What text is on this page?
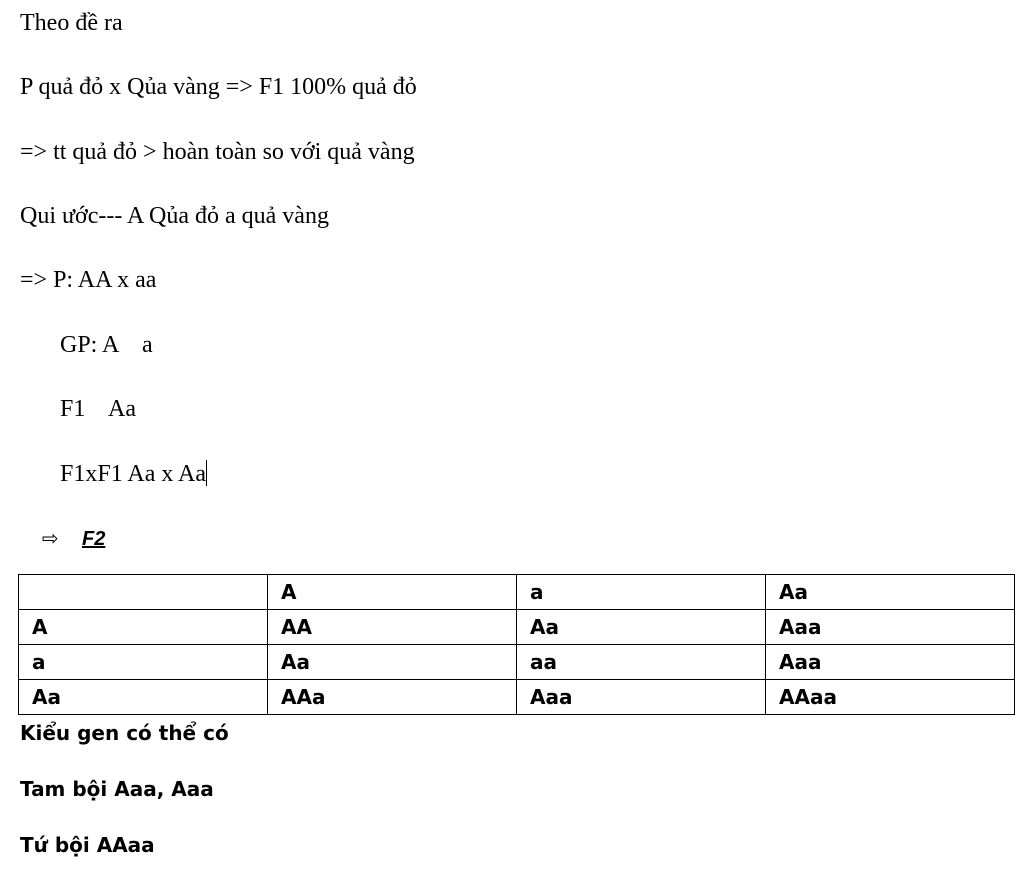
Theo đề ra
P quả đỏ x Qủa vàng => F1 100% quả đỏ
=> tt quả đỏ > hoàn toàn so với quả vàng
Qui ước--- A Qủa đỏ a quả vàng
=> P: AA x aa
GP: A    a
F1    Aa
F1xF1 Aa x Aa
⇨ F2
	A	a	Aa
A	AA	Aa	Aaa
a	Aa	aa	Aaa
Aa	AAa	Aaa	AAaa
Kiểu gen có thể có
Tam bội Aaa, Aaa
Tứ bội AAaa
